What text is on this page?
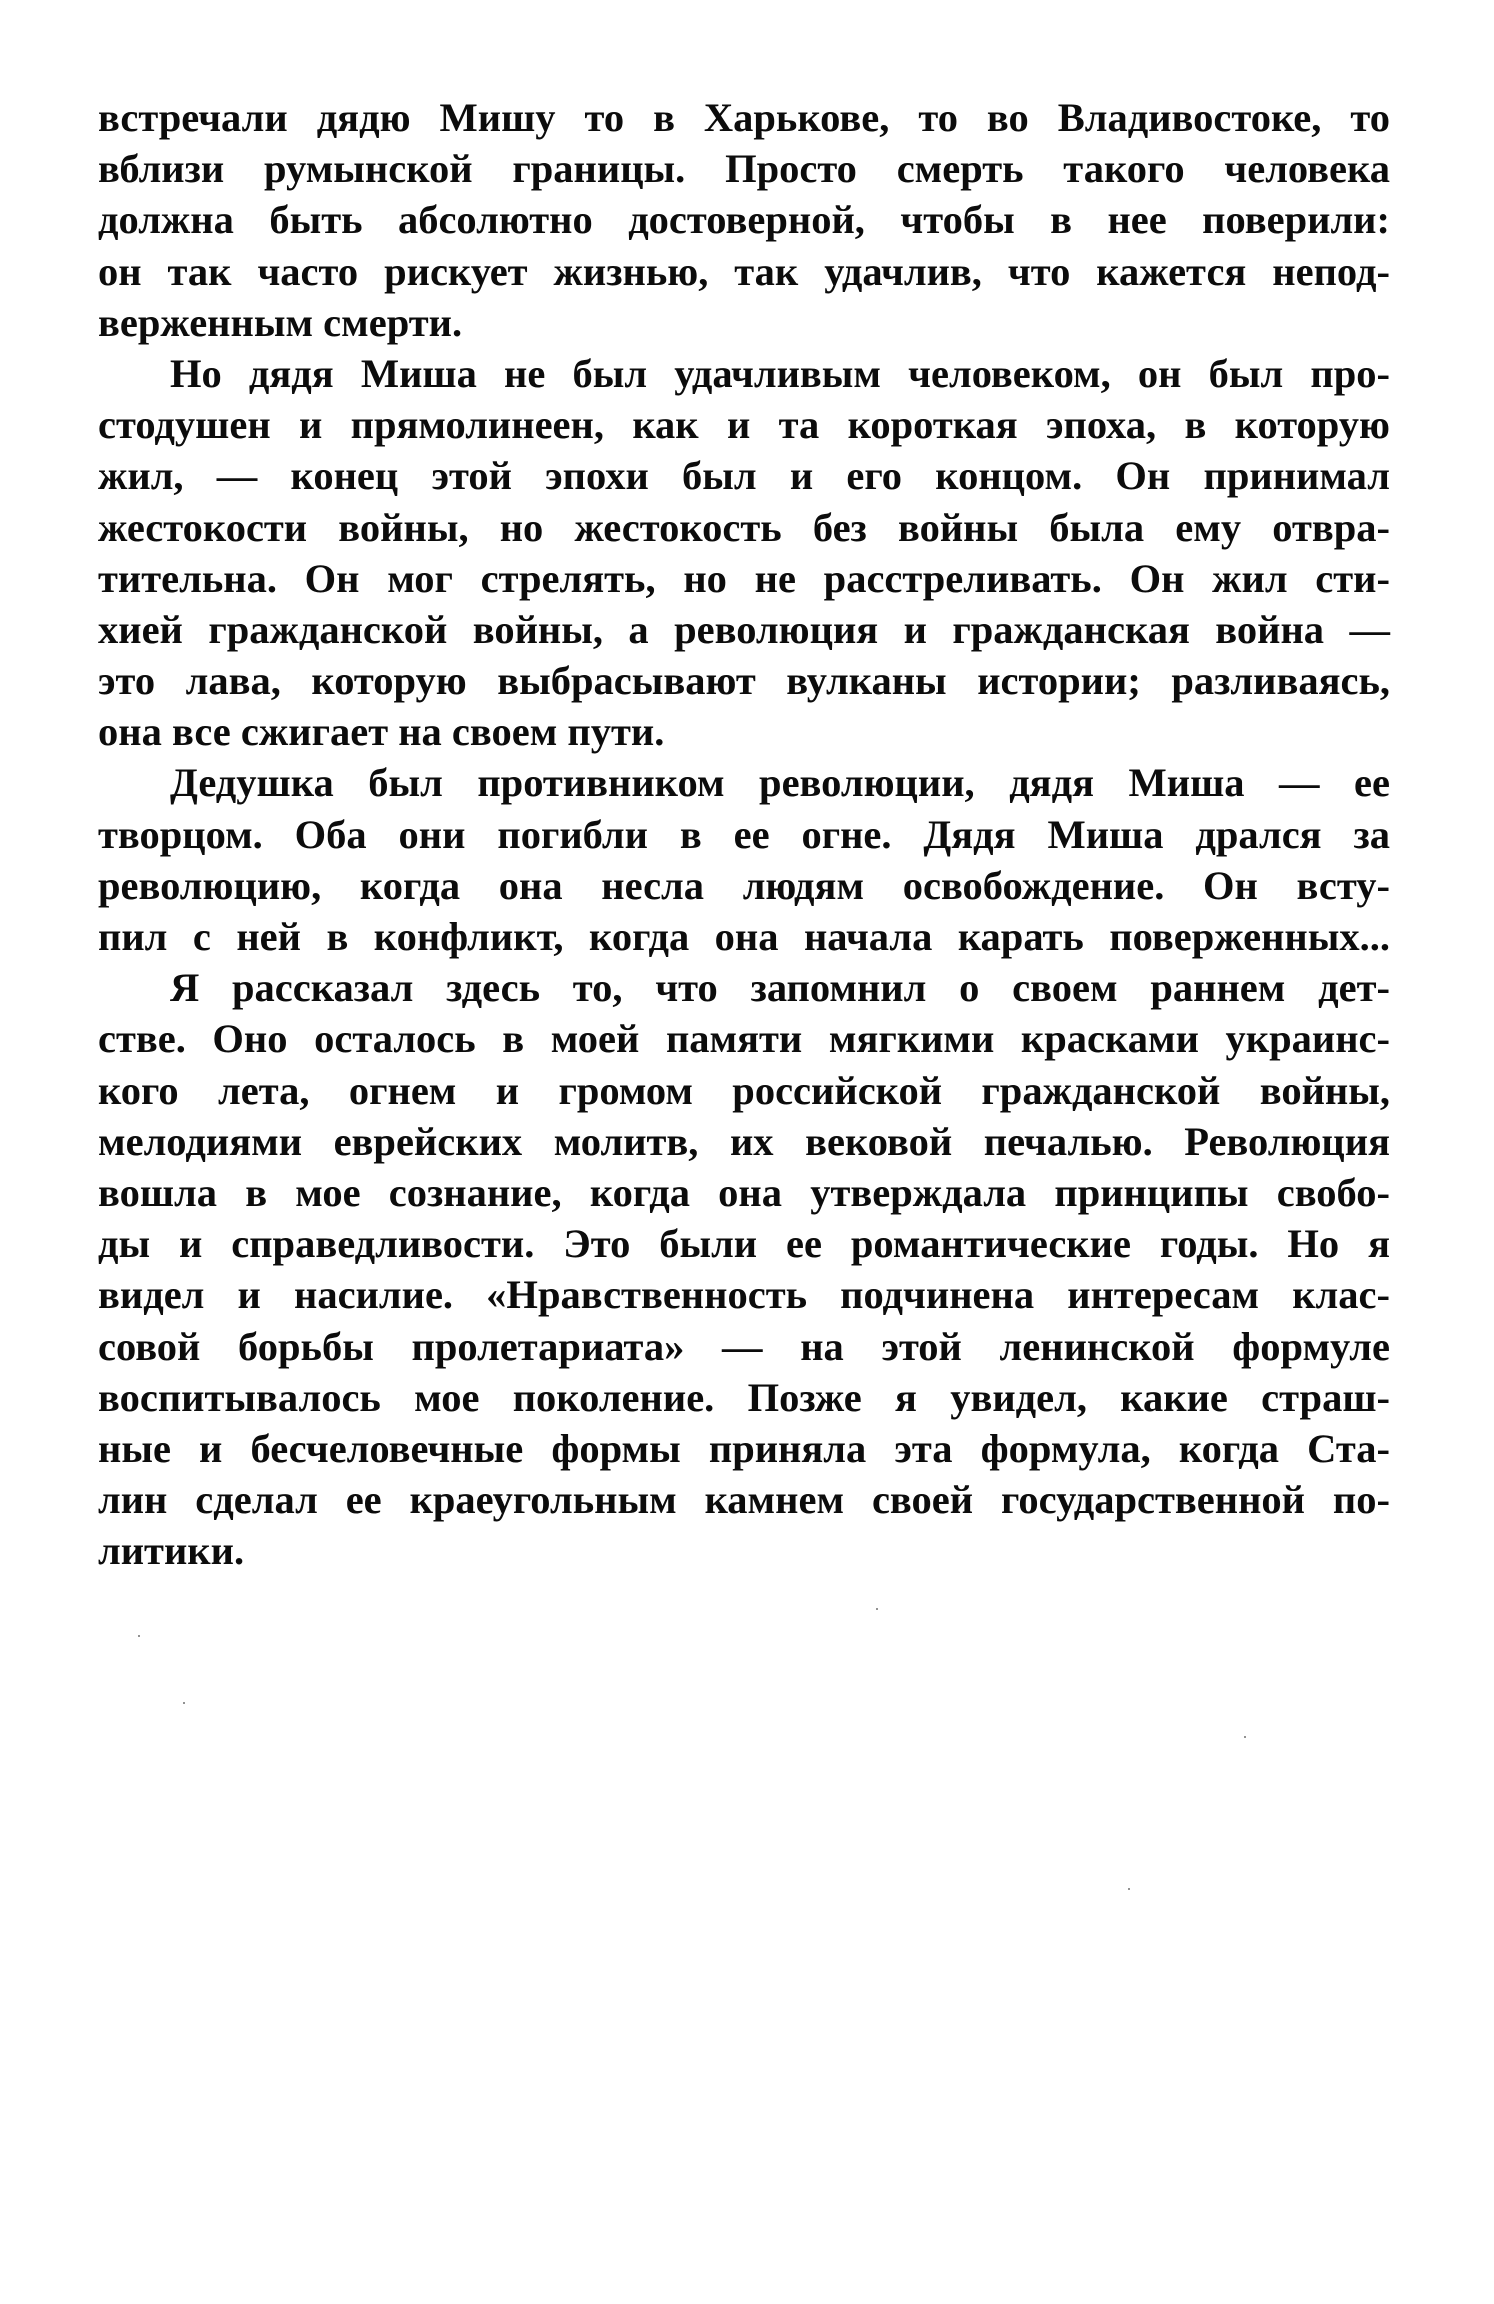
встречали дядю Мишу то в Харькове, то во Владивостоке, то
вблизи румынской границы. Просто смерть такого человека
должна быть абсолютно достоверной, чтобы в нее поверили:
он так часто рискует жизнью, так удачлив, что кажется непод-
верженным смерти.
Но дядя Миша не был удачливым человеком, он был про-
стодушен и прямолинеен, как и та короткая эпоха, в которую
жил, — конец этой эпохи был и его концом. Он принимал
жестокости войны, но жестокость без войны была ему отвра-
тительна. Он мог стрелять, но не расстреливать. Он жил сти-
хией гражданской войны, а революция и гражданская война —
это лава, которую выбрасывают вулканы истории; разливаясь,
она все сжигает на своем пути.
Дедушка был противником революции, дядя Миша — ее
творцом. Оба они погибли в ее огне. Дядя Миша дрался за
революцию, когда она несла людям освобождение. Он всту-
пил с ней в конфликт, когда она начала карать поверженных...
Я рассказал здесь то, что запомнил о своем раннем дет-
стве. Оно осталось в моей памяти мягкими красками украинс-
кого лета, огнем и громом российской гражданской войны,
мелодиями еврейских молитв, их вековой печалью. Революция
вошла в мое сознание, когда она утверждала принципы свобо-
ды и справедливости. Это были ее романтические годы. Но я
видел и насилие. «Нравственность подчинена интересам клас-
совой борьбы пролетариата» — на этой ленинской формуле
воспитывалось мое поколение. Позже я увидел, какие страш-
ные и бесчеловечные формы приняла эта формула, когда Ста-
лин сделал ее краеугольным камнем своей государственной по-
литики.
